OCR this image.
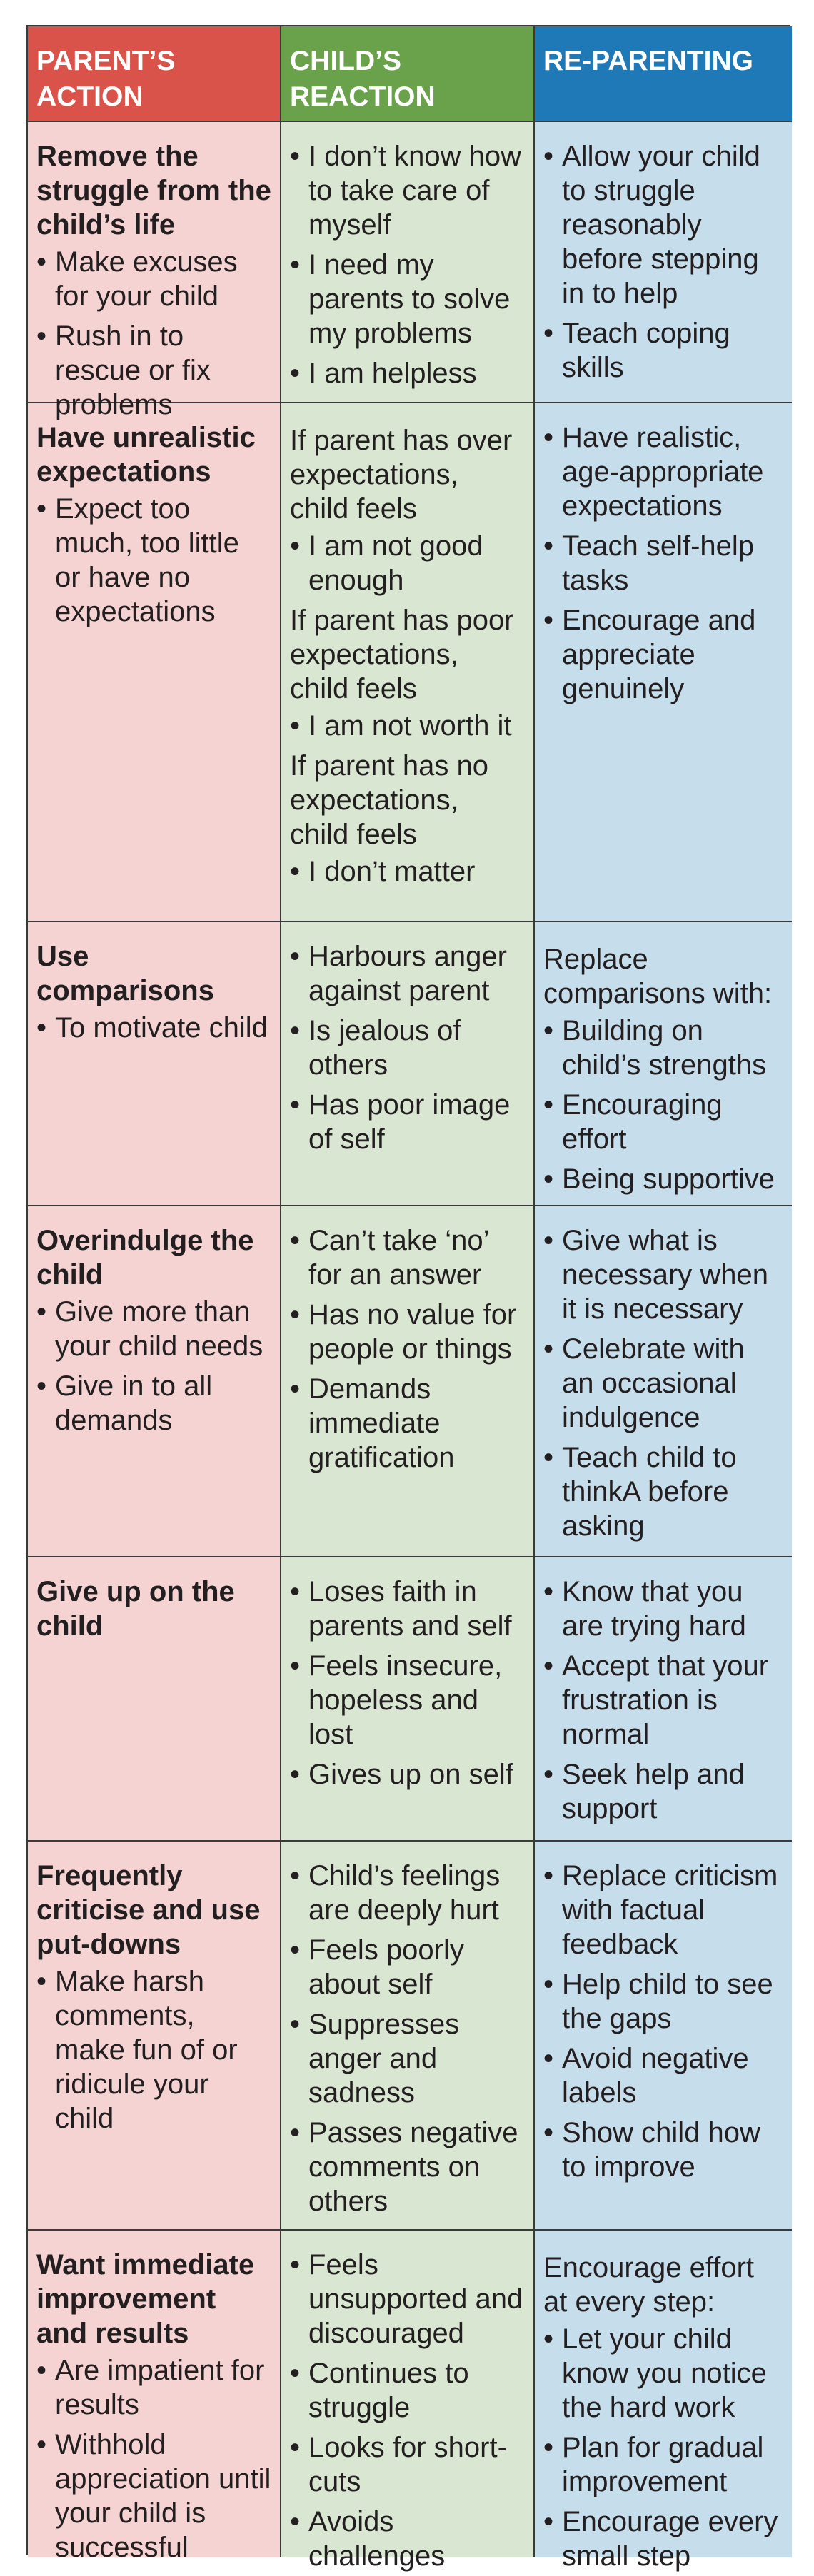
PARENT’S ACTION
CHILD’S REACTION
RE-PARENTING
Remove the struggle from the child’s life
• Make excuses for your child
• Rush in to rescue or fix problems
• I don’t know how to take care of myself
• I need my parents to solve my problems
• I am helpless
• Allow your child to struggle reasonably before stepping in to help
• Teach coping skills
Have unrealistic expectations
• Expect too much, too little or have no expectations
If parent has over expectations, child feels
• I am not good enough
If parent has poor expectations, child feels
• I am not worth it
If parent has no expectations, child feels
• I don’t matter
• Have realistic, age-appropriate expectations
• Teach self-help tasks
• Encourage and appreciate genuinely
Use comparisons
• To motivate child
• Harbours anger against parent
• Is jealous of others
• Has poor image of self
Replace comparisons with:
• Building on child’s strengths
• Encouraging effort
• Being supportive
Overindulge the child
• Give more than your child needs
• Give in to all demands
• Can’t take ‘no’ for an answer
• Has no value for people or things
• Demands immediate gratification
• Give what is necessary when it is necessary
• Celebrate with an occasional indulgence
• Teach child to thinkA before asking
Give up on the child
• Loses faith in parents and self
• Feels insecure, hopeless and lost
• Gives up on self
• Know that you are trying hard
• Accept that your frustration is normal
• Seek help and support
Frequently criticise and use put-downs
• Make harsh comments, make fun of or ridicule your child
• Child’s feelings are deeply hurt
• Feels poorly about self
• Suppresses anger and sadness
• Passes negative comments on others
• Replace criticism with factual feedback
• Help child to see the gaps
• Avoid negative labels
• Show child how to improve
Want immediate improvement and results
• Are impatient for results
• Withhold appreciation until your child is successful
• Feels unsupported and discouraged
• Continues to struggle
• Looks for short-cuts
• Avoids challenges
Encourage effort at every step:
• Let your child know you notice the hard work
• Plan for gradual improvement
• Encourage every small step
